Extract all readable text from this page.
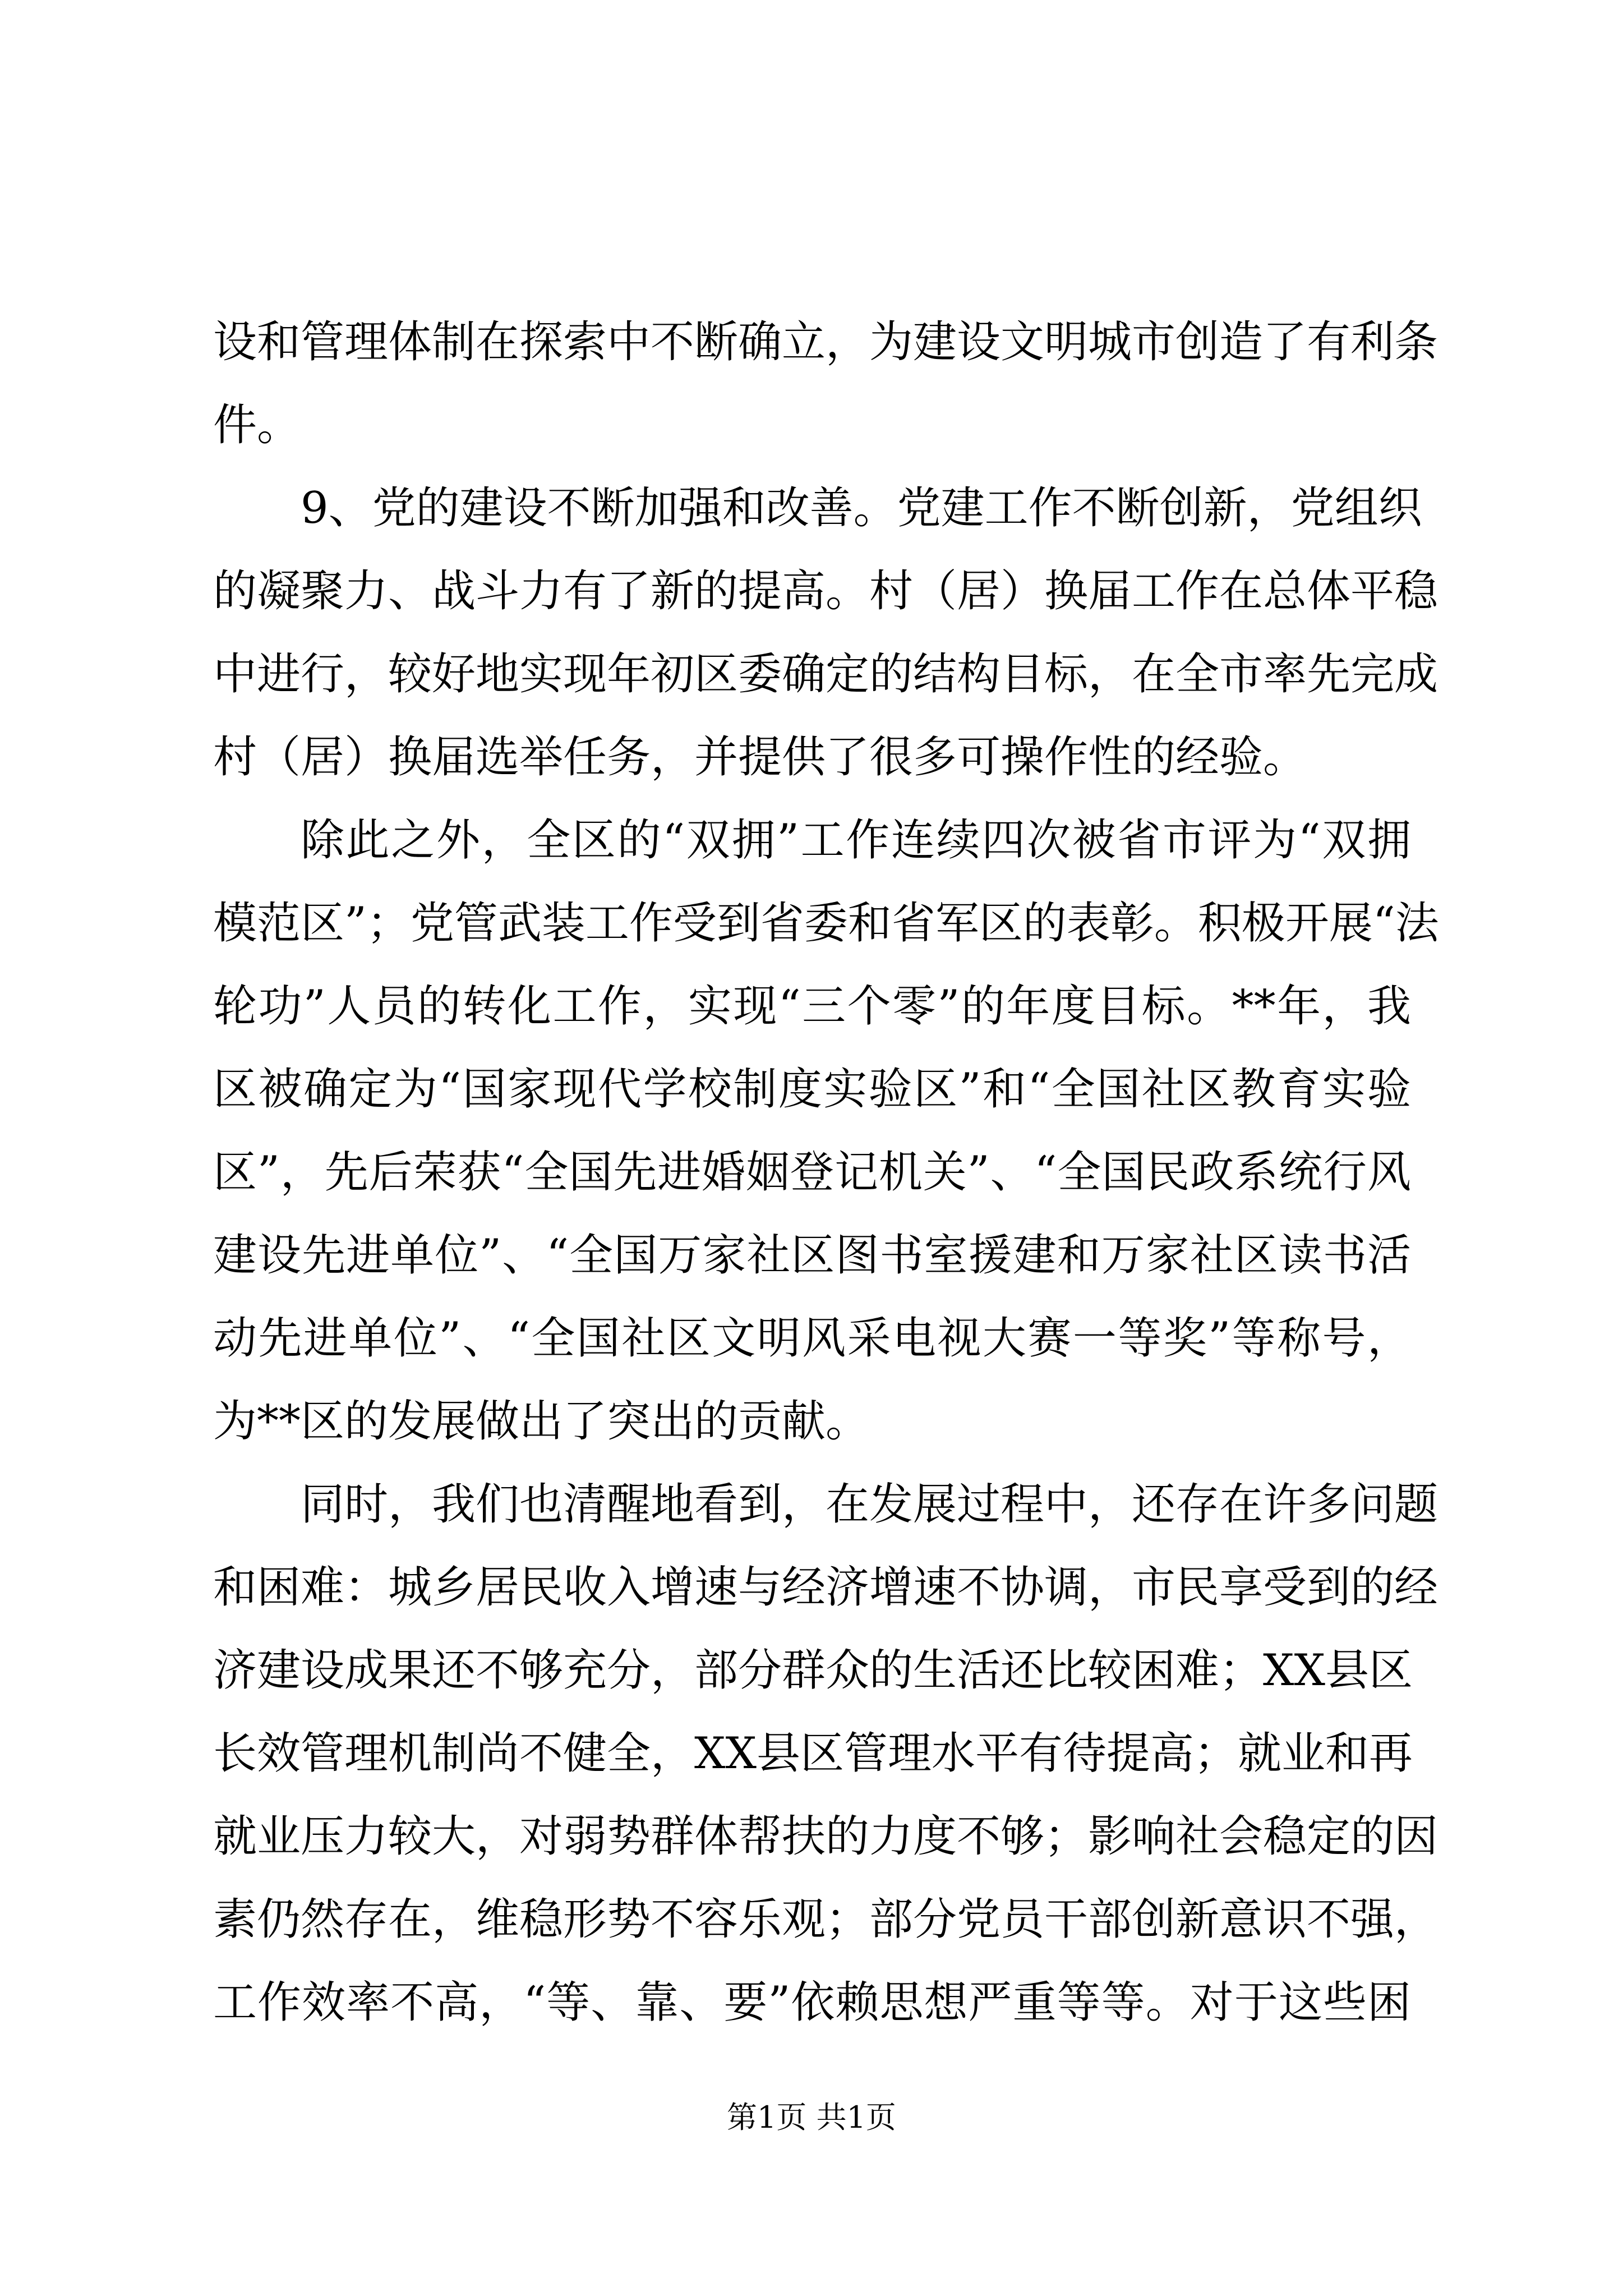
设和管理体制在探索中不断确立，为建设文明城市创造了有利条
件。
9、党的建设不断加强和改善。党建工作不断创新，党组织
的凝聚力、战斗力有了新的提高。村（居）换届工作在总体平稳
中进行，较好地实现年初区委确定的结构目标，在全市率先完成
村（居）换届选举任务，并提供了很多可操作性的经验。
除此之外，全区的“双拥”工作连续四次被省市评为“双拥
模范区”；党管武装工作受到省委和省军区的表彰。积极开展“法
轮功”人员的转化工作，实现“三个零”的年度目标。**年，我
区被确定为“国家现代学校制度实验区”和“全国社区教育实验
区”，先后荣获“全国先进婚姻登记机关”、“全国民政系统行风
建设先进单位”、“全国万家社区图书室援建和万家社区读书活
动先进单位”、“全国社区文明风采电视大赛一等奖”等称号，
为**区的发展做出了突出的贡献。
同时，我们也清醒地看到，在发展过程中，还存在许多问题
和困难：城乡居民收入增速与经济增速不协调，市民享受到的经
济建设成果还不够充分，部分群众的生活还比较困难；XX县区
长效管理机制尚不健全，XX县区管理水平有待提高；就业和再
就业压力较大，对弱势群体帮扶的力度不够；影响社会稳定的因
素仍然存在，维稳形势不容乐观；部分党员干部创新意识不强，
工作效率不高，“等、靠、要”依赖思想严重等等。对于这些困
第1页 共1页
